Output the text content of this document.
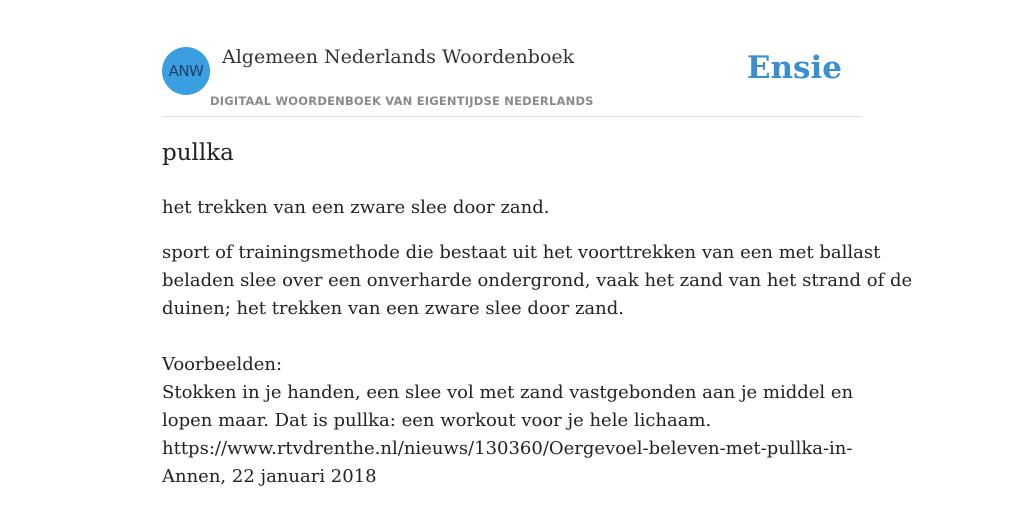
ANW
Algemeen Nederlands Woordenboek
DIGITAAL WOORDENBOEK VAN EIGENTIJDSE NEDERLANDS
Ensie
pullka

het trekken van een zware slee door zand.

sport of trainingsmethode die bestaat uit het voorttrekken van een met ballast
beladen slee over een onverharde ondergrond, vaak het zand van het strand of de
duinen; het trekken van een zware slee door zand.
Voorbeelden:
Stokken in je handen, een slee vol met zand vastgebonden aan je middel en
lopen maar. Dat is pullka: een workout voor je hele lichaam.
https://www.rtvdrenthe.nl/nieuws/130360/Oergevoel-beleven-met-pullka-in-
Annen, 22 januari 2018
